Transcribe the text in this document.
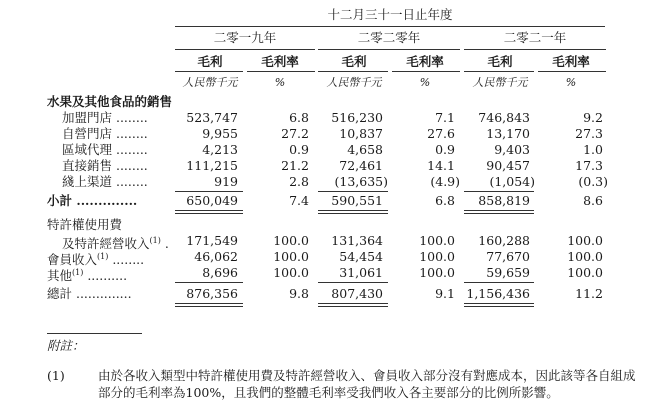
十二月三十一日止年度
二零一九年	二零二零年	二零二一年
毛利	毛利率	毛利	毛利率	毛利	毛利率
人民幣千元	%	人民幣千元	%	人民幣千元	%
水果及其他食品的銷售
加盟門店 ........	523,747	6.8 516,230	7.1 746,843	9.2
自營門店 ........	9,955	27.2 10,837	27.6	13,170	27.3
區域代理 ........	4,213	0.9	4,658	0.9	9,403	1.0
直接銷售 ........	111,215	21.2 72,461	14.1	90,457	17.3
綫上渠道 ........	919	2.8 (13,635)	(4.9) (1,054)	(0.3)
小計 ..............	650,049	7.4 590,551	6.8 858,819	8.6
特許權使用費
及特許經營收入$^{(1)}$ . 171,549	100.0 131,364	100.0 160,288	100.0
會員收入$^{(1)}$ ........	46,062	100.0 54,454	100.0	77,670	100.0
其他$^{(1)}$ ..........	8,696	100.0 31,061	100.0	59,659	100.0
總計 ..............	876,356	9.8 807,430	9.1 1,156,436	11.2
附註：
(1)	由於各收入類型中特許權使用費及特許經營收入、會員收入部分沒有對應成本，因此該等各自組成
部分的毛利率為100%，且我們的整體毛利率受我們收入各主要部分的比例所影響。
